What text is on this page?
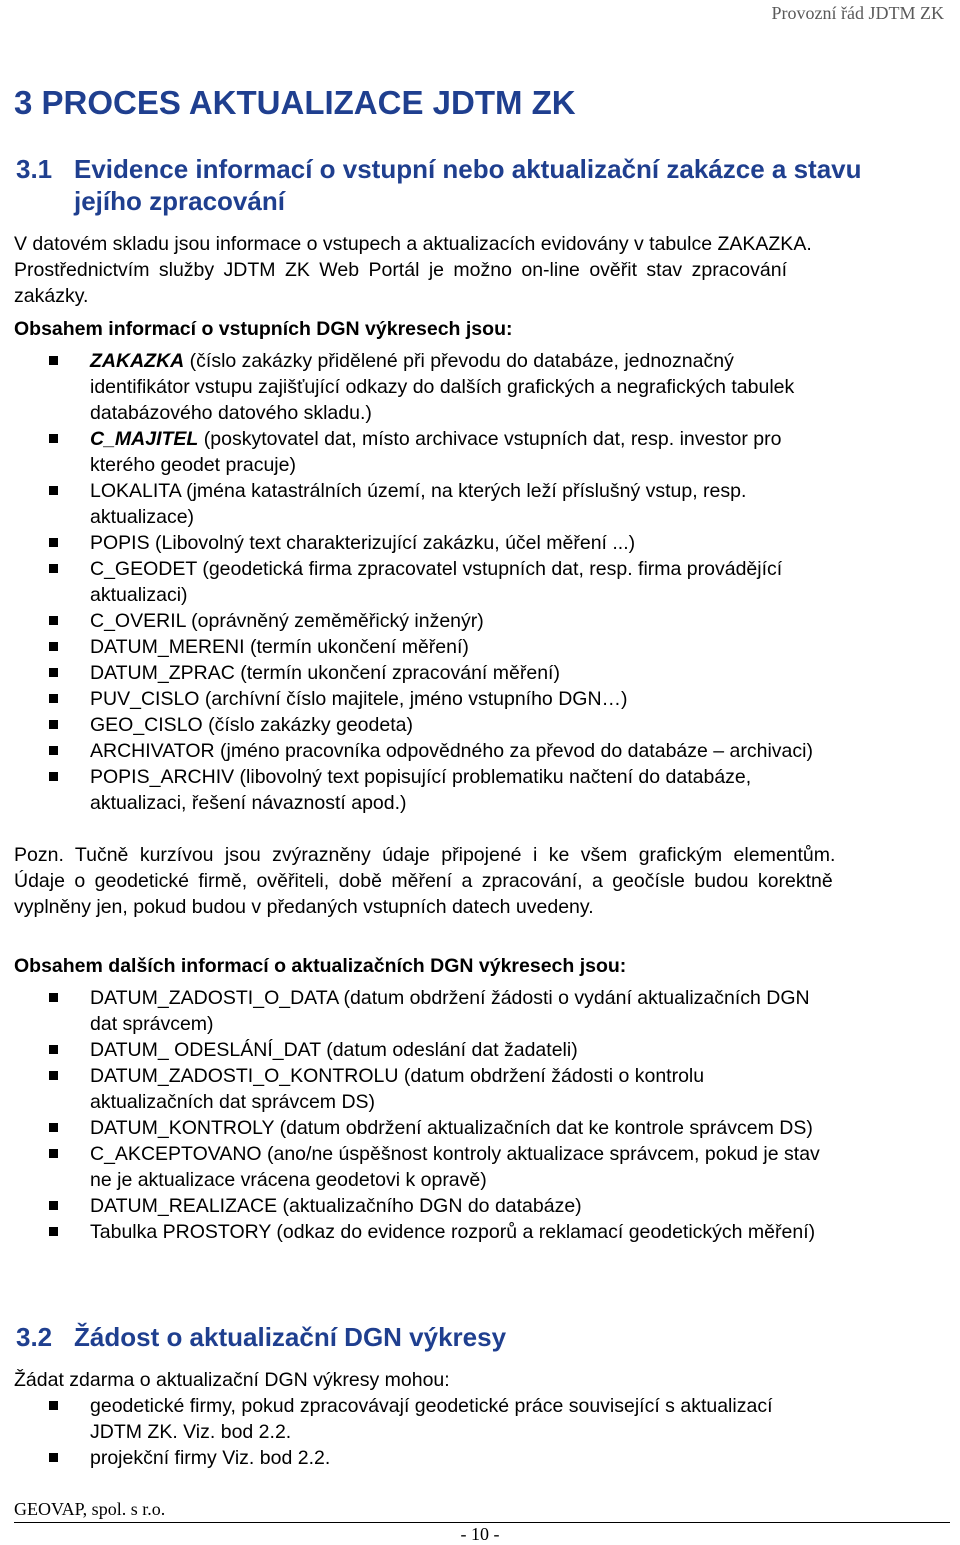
Provozní řád JDTM ZK
3 PROCES AKTUALIZACE JDTM ZK
3.1 Evidence informací o vstupní nebo aktualizační zakázce a stavu
jejího zpracování

V datovém skladu jsou informace o vstupech a aktualizacích evidovány v tabulce ZAKAZKA.
Prostřednictvím služby JDTM ZK Web Portál je možno on-line ověřit stav zpracování
zakázky.

Obsahem informací o vstupních DGN výkresech jsou:

ZAKAZKA (číslo zakázky přidělené při převodu do databáze, jednoznačný
identifikátor vstupu zajišťující odkazy do dalších grafických a negrafických tabulek
databázového datového skladu.)
C_MAJITEL (poskytovatel dat, místo archivace vstupních dat, resp. investor pro
kterého geodet pracuje)
LOKALITA (jména katastrálních území, na kterých leží příslušný vstup, resp.
aktualizace)
POPIS (Libovolný text charakterizující zakázku, účel měření ...)
C_GEODET (geodetická firma zpracovatel vstupních dat, resp. firma provádějící
aktualizaci)
C_OVERIL (oprávněný zeměměřický inženýr)
DATUM_MERENI (termín ukončení měření)
DATUM_ZPRAC (termín ukončení zpracování měření)
PUV_CISLO (archívní číslo majitele, jméno vstupního DGN…)
GEO_CISLO (číslo zakázky geodeta)
ARCHIVATOR (jméno pracovníka odpovědného za převod do databáze – archivaci)
POPIS_ARCHIV (libovolný text popisující problematiku načtení do databáze,
aktualizaci, řešení návazností apod.)

Pozn. Tučně kurzívou jsou zvýrazněny údaje připojené i ke všem grafickým elementům.
Údaje o geodetické firmě, ověřiteli, době měření a zpracování, a geočísle budou korektně
vyplněny jen, pokud budou v předaných vstupních datech uvedeny.

Obsahem dalších informací o aktualizačních DGN výkresech jsou:

DATUM_ZADOSTI_O_DATA (datum obdržení žádosti o vydání aktualizačních DGN
dat správcem)
DATUM_ ODESLÁNÍ_DAT (datum odeslání dat žadateli)
DATUM_ZADOSTI_O_KONTROLU (datum obdržení žádosti o kontrolu
aktualizačních dat správcem DS)
DATUM_KONTROLY (datum obdržení aktualizačních dat ke kontrole správcem DS)
C_AKCEPTOVANO (ano/ne úspěšnost kontroly aktualizace správcem, pokud je stav
ne je aktualizace vrácena geodetovi k opravě)
DATUM_REALIZACE (aktualizačního DGN do databáze)
Tabulka PROSTORY (odkaz do evidence rozporů a reklamací geodetických měření)
3.2 Žádost o aktualizační DGN výkresy

Žádat zdarma o aktualizační DGN výkresy mohou:

geodetické firmy, pokud zpracovávají geodetické práce související s aktualizací
JDTM ZK. Viz. bod 2.2.
projekční firmy Viz. bod 2.2.
GEOVAP, spol. s r.o.
- 10 -
